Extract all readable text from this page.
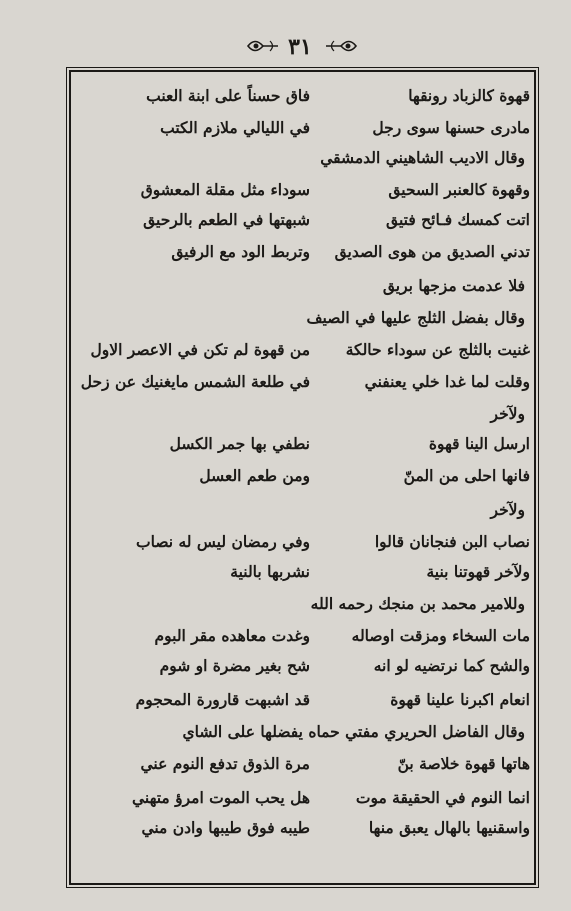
٣١
قهوة كالزباد رونقها
فاق حسناً على ابنة العنب
مادرى حسنها سوى رجل
في الليالي ملازم الكتب
وقال الاديب الشاهيني الدمشقي
وقهوة كالعنبر السحيق
سوداء مثل مقلة المعشوق
اتت كمسك فـائح فتيق
شبهتها في الطعم بالرحيق
تدني الصديق من هوى الصديق
وتربط الود مع الرفيق
فلا عدمت مزجها بريق
وقال بفضل الثلج عليها في الصيف
غنيت بالثلج عن سوداء حالكة
من قهوة لم تكن في الاعصر الاول
وقلت لما غدا خلي يعنفني
في طلعة الشمس مايغنيك عن زحل
ولآخر
ارسل الينا قهوة
نطفي بها جمر الكسل
فانها احلى من المنّ
ومن طعم العسل
ولآخر
نصاب البن فنجانان قالوا
وفي رمضان ليس له نصاب
ولآخر قهوتنا بنية
نشربها بالنية
وللامير محمد بن منجك رحمه الله
مات السخاء ومزقت اوصاله
وغدت معاهده مقر البوم
والشح كما نرتضيه لو انه
شح بغير مضرة او شوم
انعام اكبرنا علينا قهوة
قد اشبهت قارورة المحجوم
وقال الفاضل الحريري مفتي حماه يفضلها على الشاي
هاتها قهوة خلاصة بنّ
مرة الذوق تدفع النوم عني
انما النوم في الحقيقة موت
هل يحب الموت امرؤ متهني
واسقنيها بالهال يعبق منها
طيبه فوق طيبها وادن مني
